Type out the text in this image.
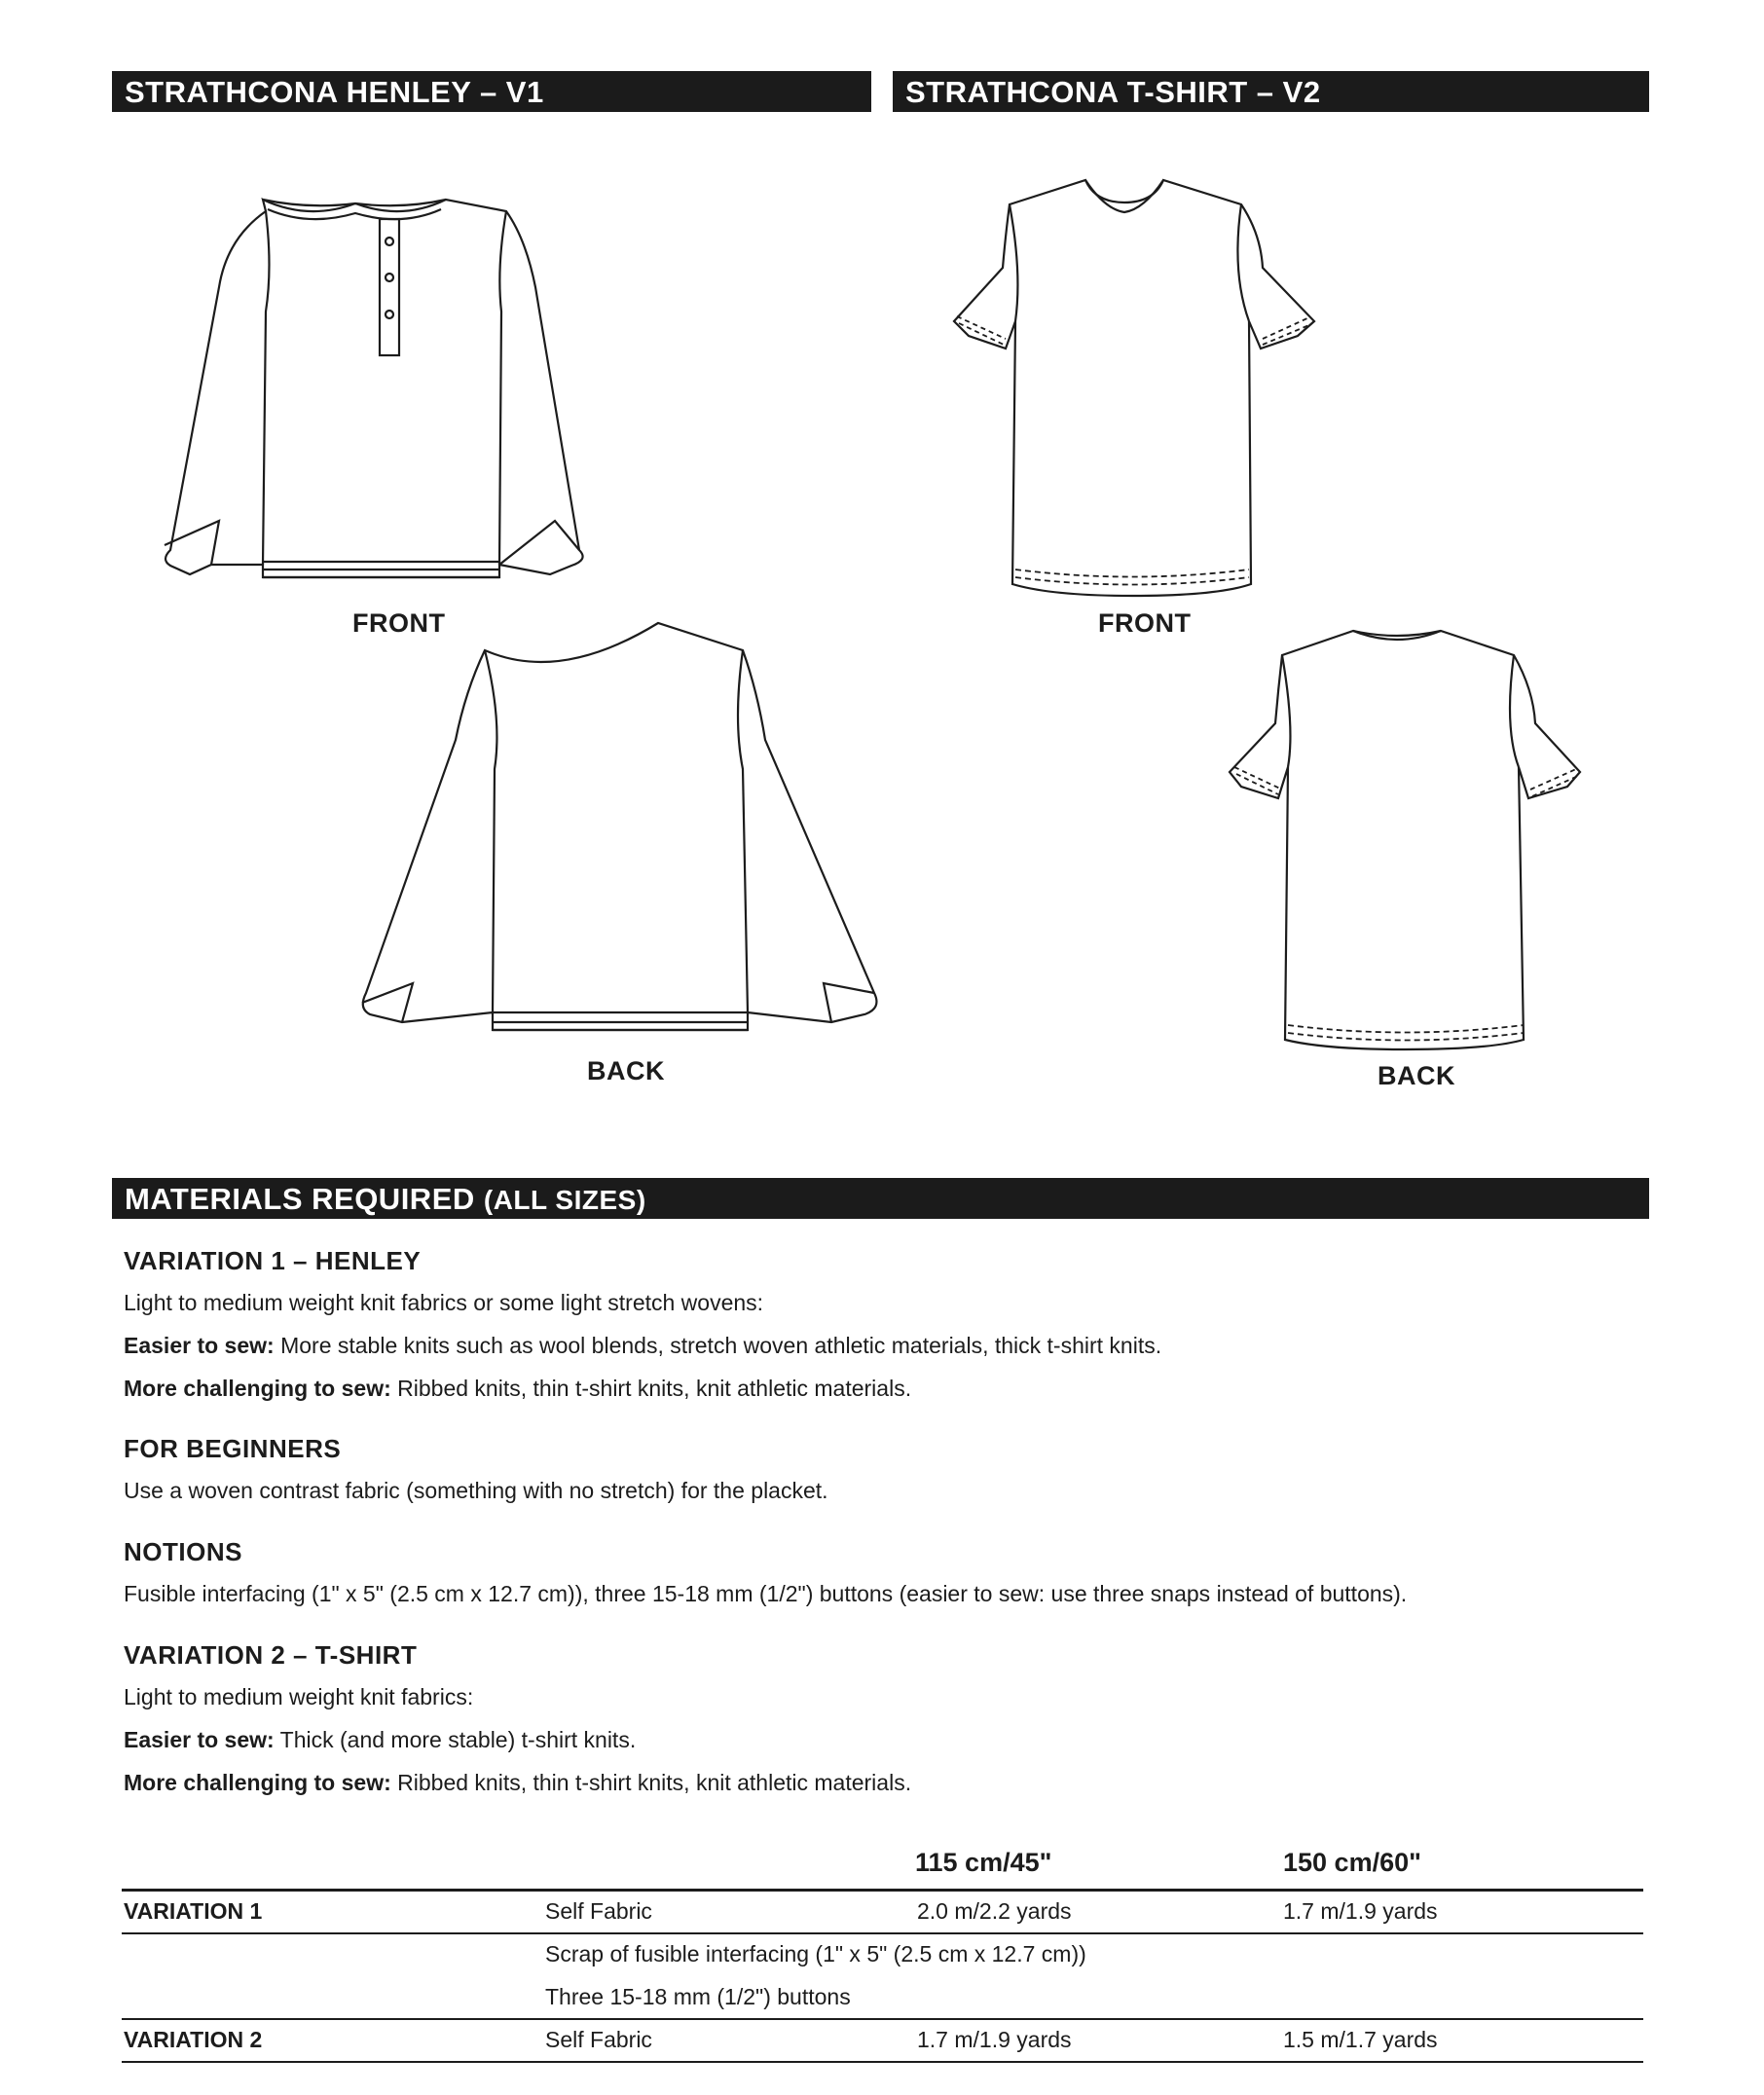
STRATHCONA HENLEY – V1	STRATHCONA T-SHIRT – V2
FRONT
BACK
FRONT
BACK
MATERIALS REQUIRED (ALL SIZES)
VARIATION 1 – HENLEY
Light to medium weight knit fabrics or some light stretch wovens:
Easier to sew: More stable knits such as wool blends, stretch woven athletic materials, thick t-shirt knits.
More challenging to sew: Ribbed knits, thin t-shirt knits, knit athletic materials.
FOR BEGINNERS
Use a woven contrast fabric (something with no stretch) for the placket.
NOTIONS
Fusible interfacing (1" x 5" (2.5 cm x 12.7 cm)), three 15-18 mm (1/2") buttons (easier to sew: use three snaps instead of buttons).
VARIATION 2 – T-SHIRT
Light to medium weight knit fabrics:
Easier to sew: Thick (and more stable) t-shirt knits.
More challenging to sew: Ribbed knits, thin t-shirt knits, knit athletic materials.
115 cm/45"	150 cm/60"
VARIATION 1	Self Fabric	2.0 m/2.2 yards	1.7 m/1.9 yards
Scrap of fusible interfacing (1" x 5" (2.5 cm x 12.7 cm))
Three 15-18 mm (1/2") buttons
VARIATION 2	Self Fabric	1.7 m/1.9 yards	1.5 m/1.7 yards
